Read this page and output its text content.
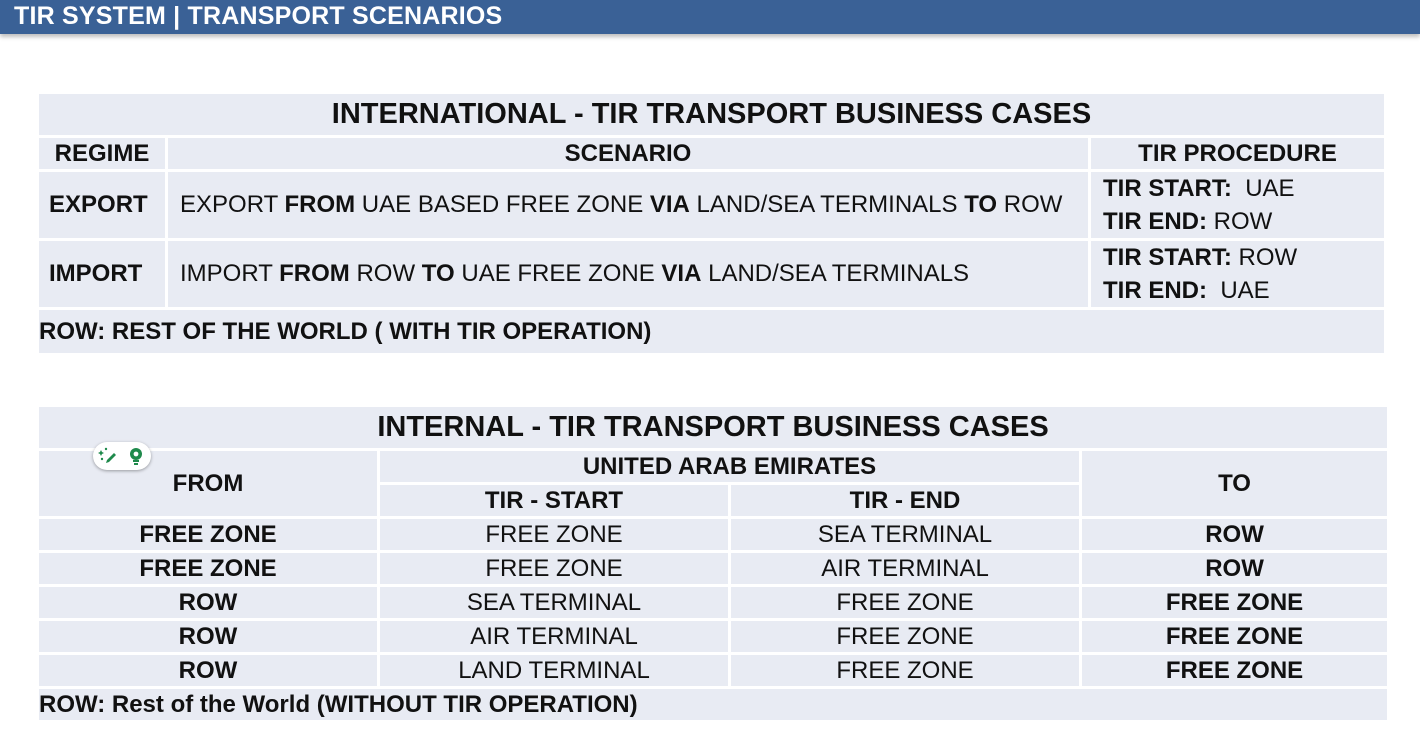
TIR SYSTEM | TRANSPORT SCENARIOS
INTERNATIONAL - TIR TRANSPORT BUSINESS CASES		
REGIME	SCENARIO	TIR PROCEDURE
EXPORT	EXPORT FROM UAE BASED FREE ZONE VIA LAND/SEA TERMINALS TO ROW	TIR START: UAE
TIR END: ROW

IMPORT	IMPORT FROM ROW TO UAE FREE ZONE VIA LAND/SEA TERMINALS	TIR START: ROW
TIR END: UAE

ROW: REST OF THE WORLD ( WITH TIR OPERATION)		
INTERNAL - TIR TRANSPORT BUSINESS CASES			
FROM	UNITED ARAB EMIRATES		TO
	TIR - START	TIR - END	
FREE ZONE	FREE ZONE	SEA TERMINAL	ROW
FREE ZONE	FREE ZONE	AIR TERMINAL	ROW
ROW	SEA TERMINAL	FREE ZONE	FREE ZONE
ROW	AIR TERMINAL	FREE ZONE	FREE ZONE
ROW	LAND TERMINAL	FREE ZONE	FREE ZONE
ROW: Rest of the World (WITHOUT TIR OPERATION)			
